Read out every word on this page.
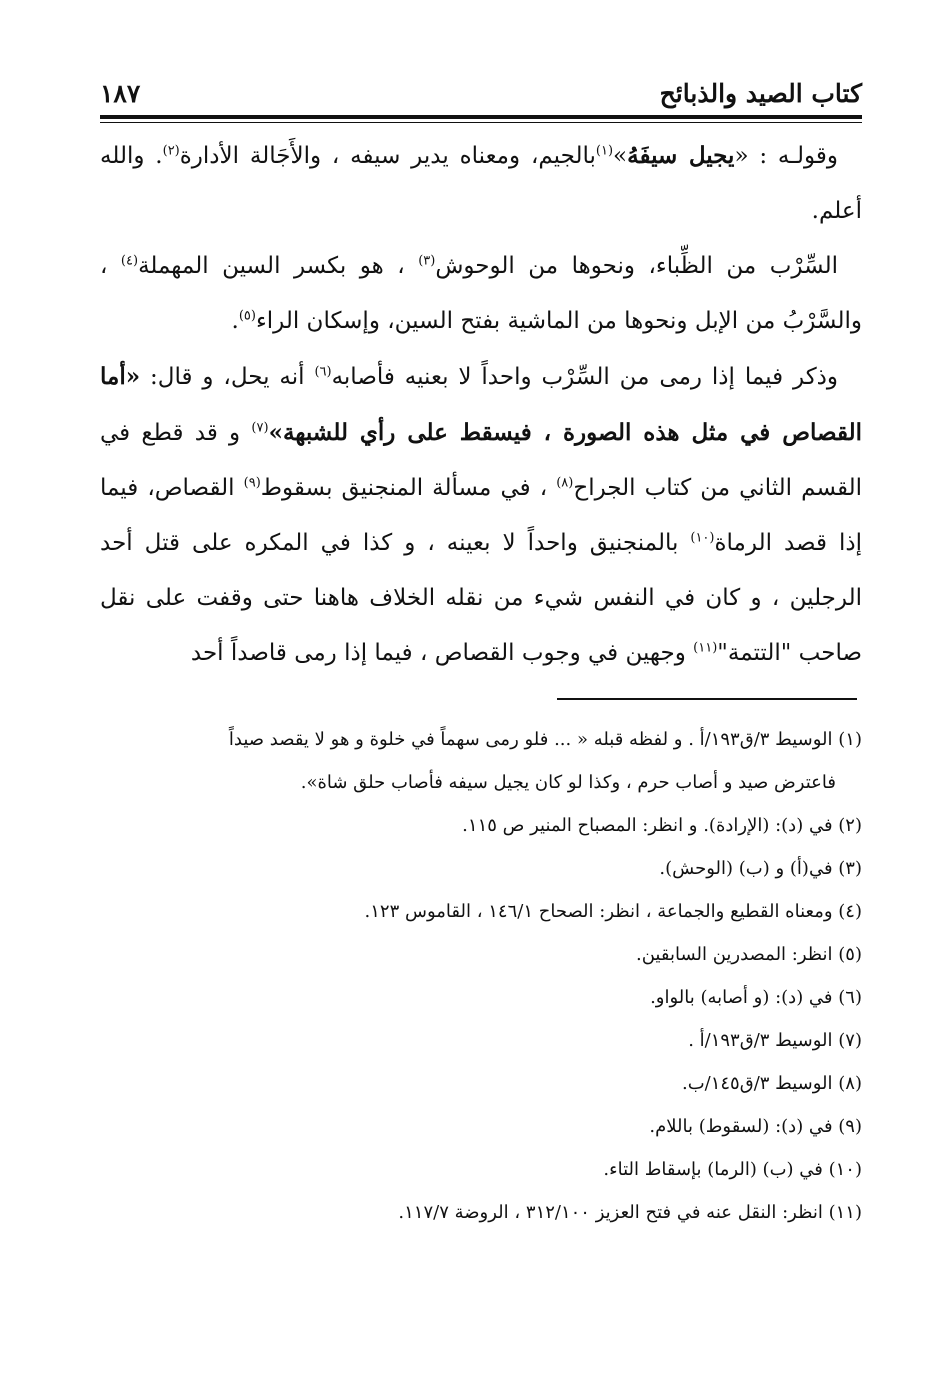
كتاب الصيد والذبائح
١٨٧

وقولـه : «يجيل سيفَهُ»$^{(١)}$بالجيم، ومعناه يدير سيفه ، والأَجَالة الأدارة$^{(٢)}$. والله أعلم.

السِّرْب من الظِّباء، ونحوها من الوحوش$^{(٣)}$ ، هو بكسر السين المهملة$^{(٤)}$ ، والسَّرْبُ من الإبل ونحوها من الماشية بفتح السين، وإسكان الراء$^{(٥)}$.

وذكر فيما إذا رمى من السِّرْب واحداً لا بعنيه فأصابه$^{(٦)}$ أنه يحل، و قال: «أما القصاص في مثل هذه الصورة ، فيسقط على رأي للشبهة»$^{(٧)}$ و قد قطع في القسم الثاني من كتاب الجراح$^{(٨)}$ ، في مسألة المنجنيق بسقوط$^{(٩)}$ القصاص، فيما إذا قصد الرماة$^{(١٠)}$ بالمنجنيق واحداً لا بعينه ، و كذا في المكره على قتل أحد الرجلين ، و كان في النفس شيء من نقله الخلاف هاهنا حتى وقفت على نقل صاحب "التتمة"$^{(١١)}$ وجهين في وجوب القصاص ، فيما إذا رمى قاصداً أحد

(١) الوسيط ٣/ق١٩٣/أ . و لفظه قبله « ... فلو رمى سهماً في خلوة و هو لا يقصد صيداً

فاعترض صيد و أصاب حرم ، وكذا لو كان يجيل سيفه فأصاب حلق شاة».

(٢) في (د): (الإرادة). و انظر: المصباح المنير ص ١١٥.

(٣) في(أ) و (ب) (الوحش).

(٤) ومعناه القطيع والجماعة ، انظر: الصحاح ١٤٦/١ ، القاموس ١٢٣.

(٥) انظر: المصدرين السابقين.

(٦) في (د): (و أصابه) بالواو.

(٧) الوسيط ٣/ق١٩٣/أ .

(٨) الوسيط ٣/ق١٤٥/ب.

(٩) في (د): (لسقوط) باللام.

(١٠) في (ب) (الرما) بإسقاط التاء.

(١١) انظر: النقل عنه في فتح العزيز ٣١٢/١٠٠ ، الروضة ١١٧/٧.
